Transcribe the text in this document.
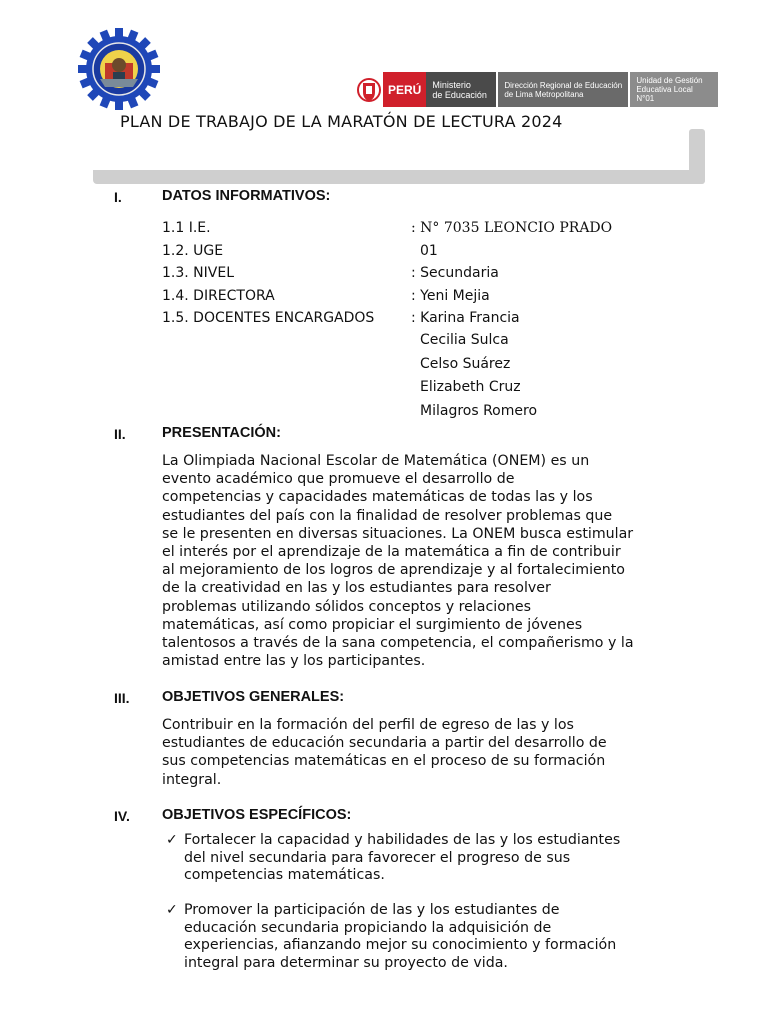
PERÚ	Ministerio
de Educación
Dirección Regional de Educación
de Lima Metropolitana
Unidad de Gestión
Educativa Local N°01
PLAN DE TRABAJO DE LA MARATÓN DE LECTURA 2024
I.	DATOS INFORMATIVOS:
1.1 I.E.	: N° 7035 LEONCIO PRADO
1.2. UGE	01
1.3. NIVEL	: Secundaria
1.4. DIRECTORA	: Yeni Mejia
1.5. DOCENTES ENCARGADOS	: Karina Francia
Cecilia Sulca
Celso Suárez
Elizabeth Cruz
Milagros Romero
II.	PRESENTACIÓN:
La Olimpiada Nacional Escolar de Matemática (ONEM) es un
evento académico que promueve el desarrollo de
competencias y capacidades matemáticas de todas las y los
estudiantes del país con la finalidad de resolver problemas que
se le presenten en diversas situaciones. La ONEM busca estimular
el interés por el aprendizaje de la matemática a fin de contribuir
al mejoramiento de los logros de aprendizaje y al fortalecimiento
de la creatividad en las y los estudiantes para resolver
problemas utilizando sólidos conceptos y relaciones
matemáticas, así como propiciar el surgimiento de jóvenes
talentosos a través de la sana competencia, el compañerismo y la
amistad entre las y los participantes.
III. OBJETIVOS GENERALES:
Contribuir en la formación del perfil de egreso de las y los
estudiantes de educación secundaria a partir del desarrollo de
sus competencias matemáticas en el proceso de su formación
integral.
IV. OBJETIVOS ESPECÍFICOS:
✓ Fortalecer la capacidad y habilidades de las y los estudiantes
del nivel secundaria para favorecer el progreso de sus
competencias matemáticas.
✓ Promover la participación de las y los estudiantes de
educación secundaria propiciando la adquisición de
experiencias, afianzando mejor su conocimiento y formación
integral para determinar su proyecto de vida.
